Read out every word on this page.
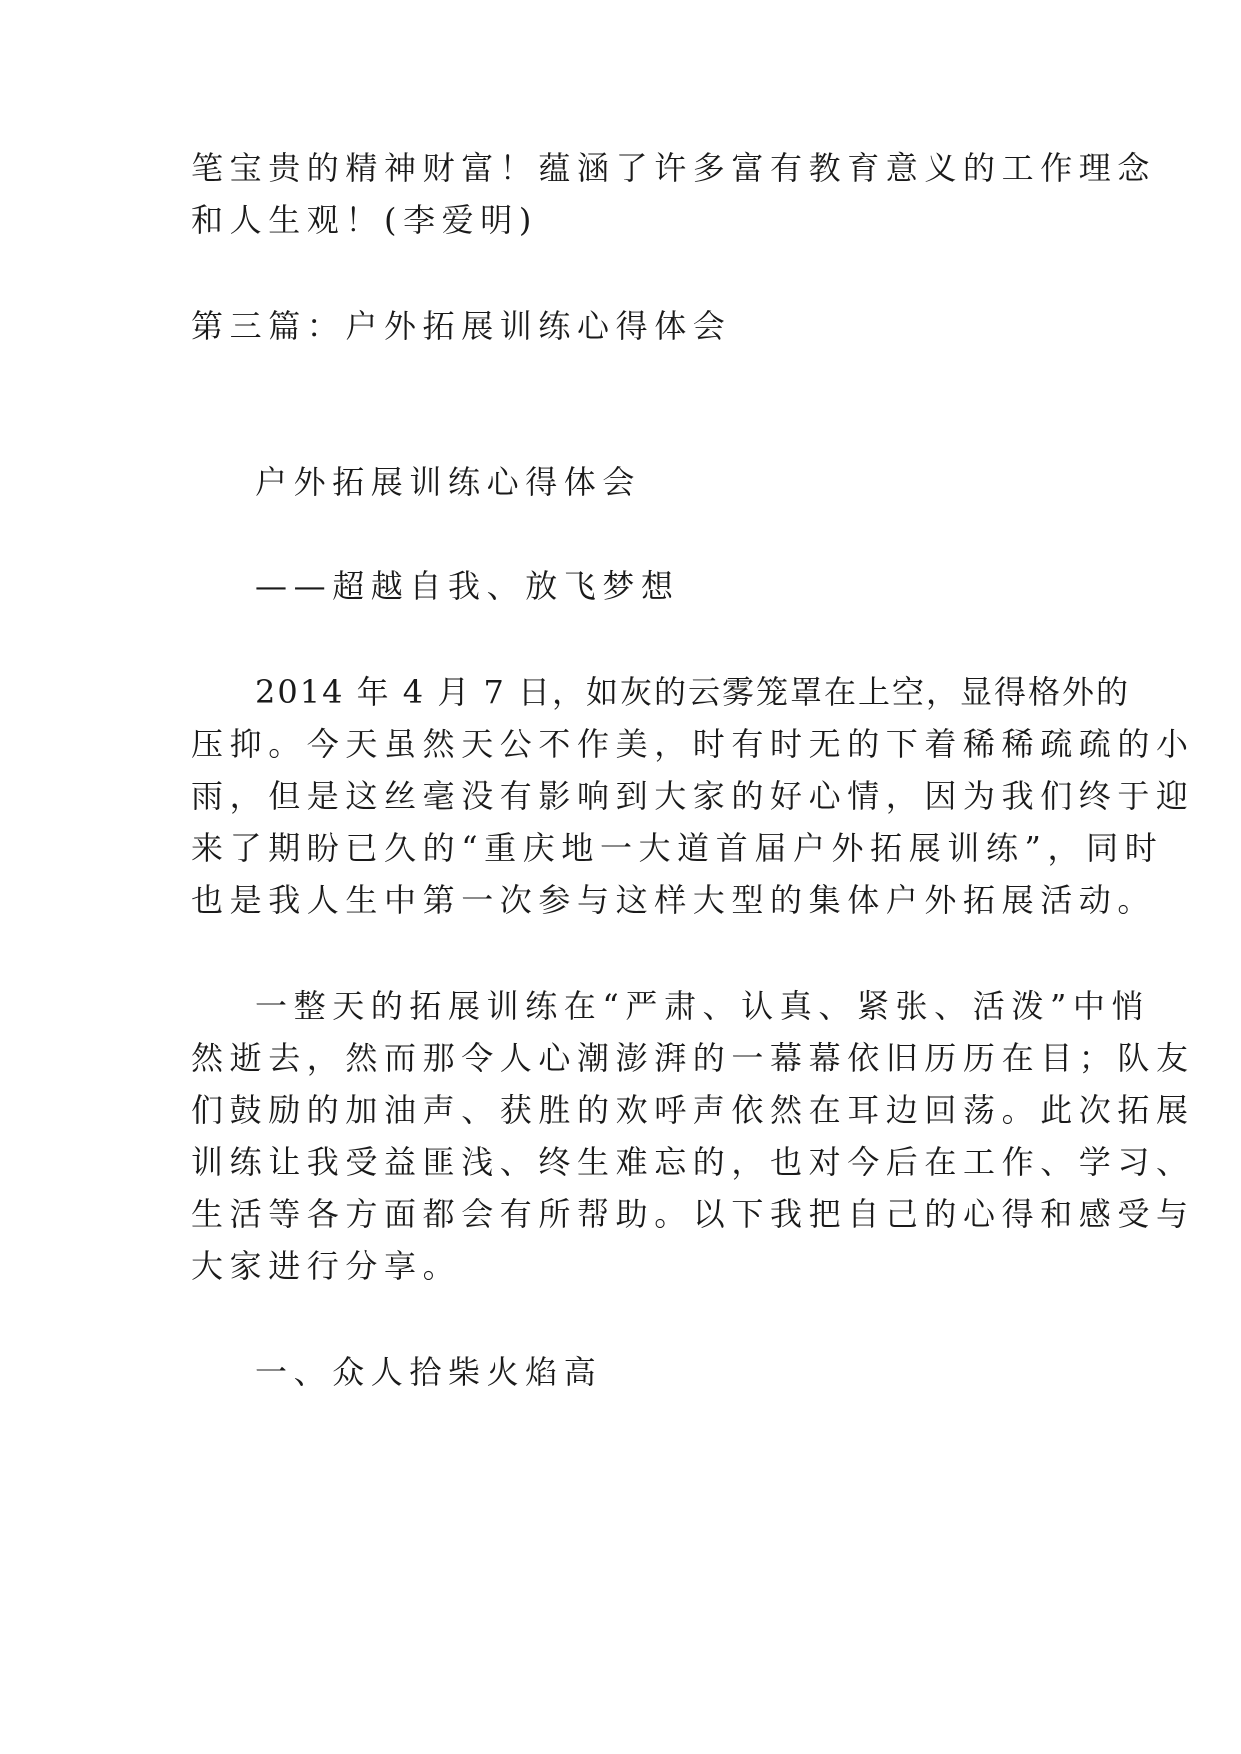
笔宝贵的精神财富！蕴涵了许多富有教育意义的工作理念
和人生观！(李爱明)
第三篇：户外拓展训练心得体会
户外拓展训练心得体会
——超越自我、放飞梦想
2014 年 4 月 7 日，如灰的云雾笼罩在上空，显得格外的
压抑。今天虽然天公不作美，时有时无的下着稀稀疏疏的小
雨，但是这丝毫没有影响到大家的好心情，因为我们终于迎
来了期盼已久的“重庆地一大道首届户外拓展训练”，同时
也是我人生中第一次参与这样大型的集体户外拓展活动。
一整天的拓展训练在“严肃、认真、紧张、活泼”中悄
然逝去，然而那令人心潮澎湃的一幕幕依旧历历在目；队友
们鼓励的加油声、获胜的欢呼声依然在耳边回荡。此次拓展
训练让我受益匪浅、终生难忘的，也对今后在工作、学习、
生活等各方面都会有所帮助。以下我把自己的心得和感受与
大家进行分享。
一、众人拾柴火焰高
